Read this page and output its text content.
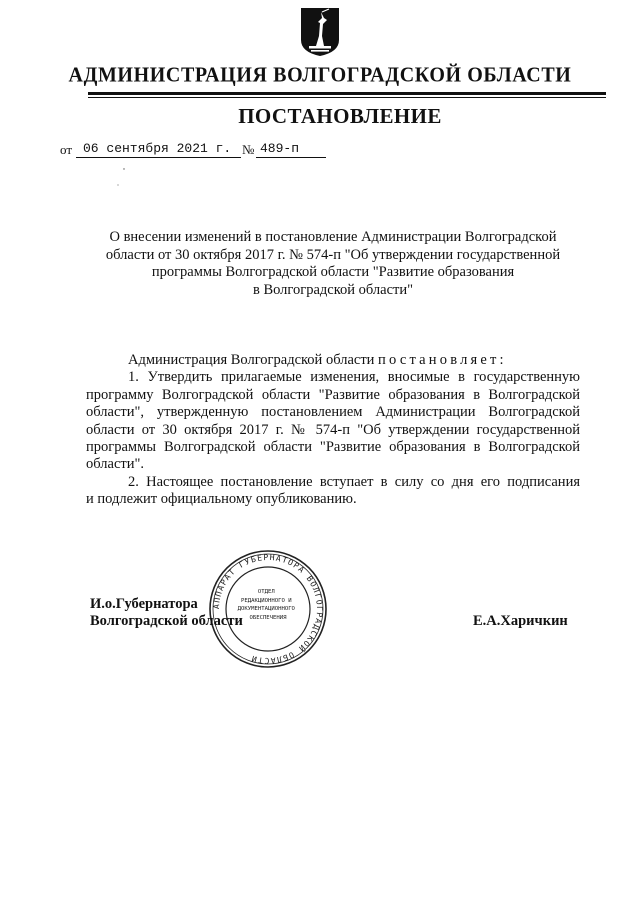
АДМИНИСТРАЦИЯ ВОЛГОГРАДСКОЙ ОБЛАСТИ

ПОСТАНОВЛЕНИЕ

от 06 сентября 2021 г. № 489-п
О внесении изменений в постановление Администрации Волгоградской
области от 30 октября 2017 г. № 574-п "Об утверждении государственной
программы Волгоградской области "Развитие образования
в Волгоградской области"
Администрация Волгоградской области постановляет:
1. Утвердить прилагаемые изменения, вносимые в государственную
программу Волгоградской области "Развитие образования в Волгоградской
области", утвержденную постановлением Администрации Волгоградской
области от 30 октября 2017 г. № 574-п "Об утверждении государственной
программы Волгоградской области "Развитие образования в Волгоградской
области".
2. Настоящее постановление вступает в силу со дня его подписания
и подлежит официальному опубликованию.
АППАРАТ ГУБЕРНАТОРА ВОЛГОГРАДСКОЙ ОБЛАСТИ
ОТДЕЛ РЕДАКЦИОННОГО И ДОКУМЕНТАЦИОННОГО ОБЕСПЕЧЕНИЯ
И.о.Губернатора
Волгоградской области	Е.А.Харичкин
